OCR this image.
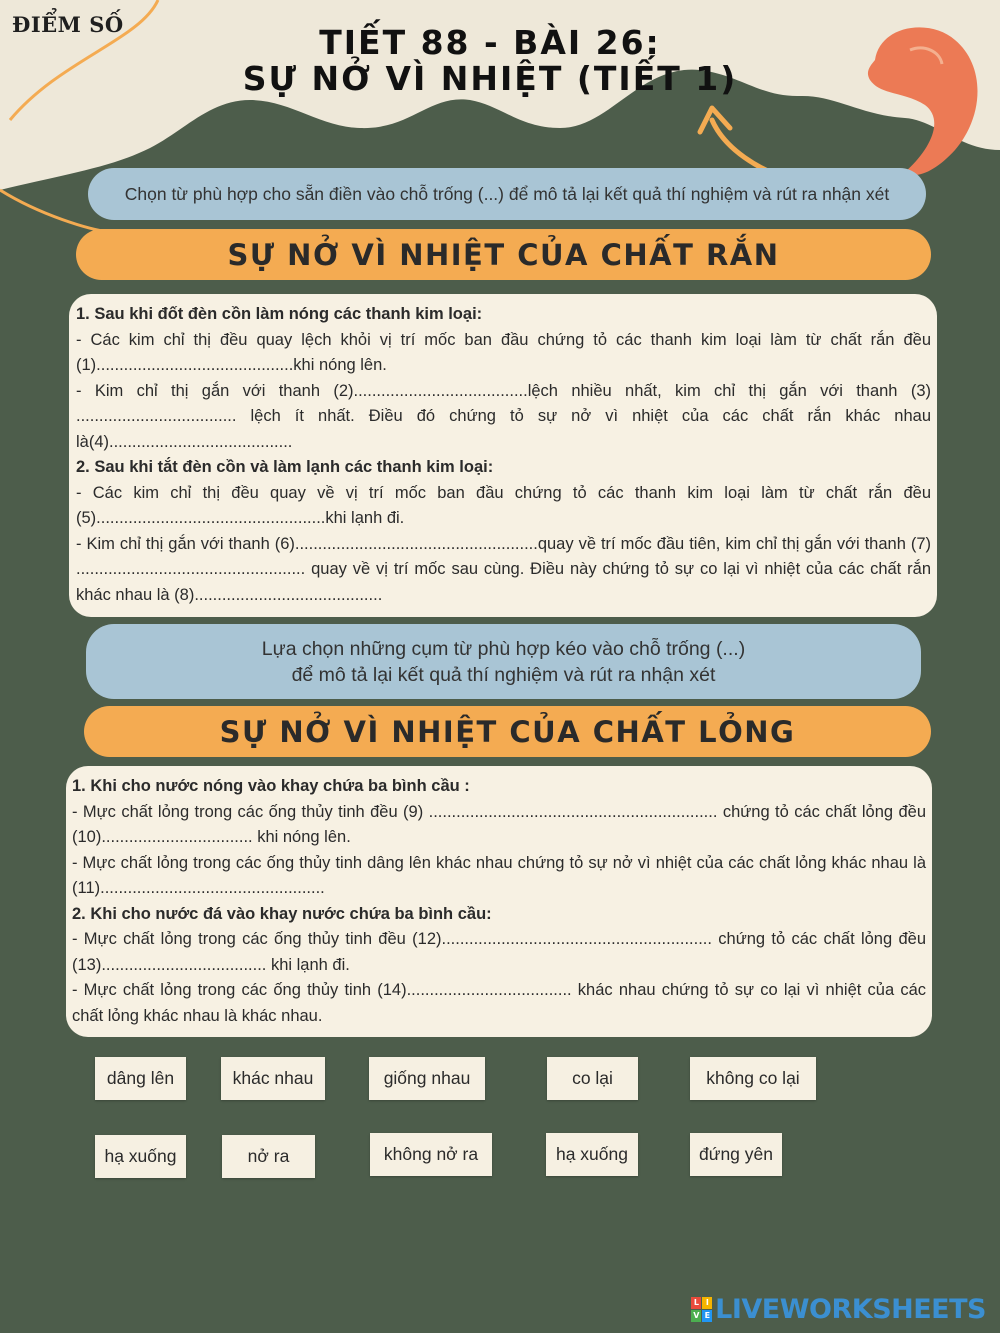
ĐIỂM SỐ	TIẾT 88 - BÀI 26:
SỰ NỞ VÌ NHIỆT (TIẾT 1)
Chọn từ phù hợp cho sẵn điền vào chỗ trống (...) để mô tả lại kết quả thí nghiệm và rút ra nhận xét
SỰ NỞ VÌ NHIỆT CỦA CHẤT RẮN

1. Sau khi đốt đèn cồn làm nóng các thanh kim loại:

- Các kim chỉ thị đều quay lệch khỏi vị trí mốc ban đầu chứng tỏ các thanh kim loại làm từ chất rắn đều (1)...........................................khi nóng lên.

- Kim chỉ thị gắn với thanh (2)......................................lệch nhiều nhất, kim chỉ thị gắn với thanh (3) ................................... lệch ít nhất. Điều đó chứng tỏ sự nở vì nhiệt của các chất rắn khác nhau là(4)........................................

2. Sau khi tắt đèn cồn và làm lạnh các thanh kim loại:

- Các kim chỉ thị đều quay về vị trí mốc ban đầu chứng tỏ các thanh kim loại làm từ chất rắn đều (5)..................................................khi lạnh đi.

- Kim chỉ thị gắn với thanh (6).....................................................quay về trí mốc đầu tiên, kim chỉ thị gắn với thanh (7) .................................................. quay về vị trí mốc sau cùng. Điều này chứng tỏ sự co lại vì nhiệt của các chất rắn khác nhau là (8).........................................

Lựa chọn những cụm từ phù hợp kéo vào chỗ trống (...)
để mô tả lại kết quả thí nghiệm và rút ra nhận xét
SỰ NỞ VÌ NHIỆT CỦA CHẤT LỎNG

1. Khi cho nước nóng vào khay chứa ba bình cầu :

- Mực chất lỏng trong các ống thủy tinh đều (9) ............................................................... chứng tỏ các chất lỏng đều (10)................................. khi nóng lên.

- Mực chất lỏng trong các ống thủy tinh dâng lên khác nhau chứng tỏ sự nở vì nhiệt của các chất lỏng khác nhau là (11).................................................

2. Khi cho nước đá vào khay nước chứa ba bình cầu:

- Mực chất lỏng trong các ống thủy tinh đều (12)........................................................... chứng tỏ các chất lỏng đều (13).................................... khi lạnh đi.

- Mực chất lỏng trong các ống thủy tinh (14).................................... khác nhau chứng tỏ sự co lại vì nhiệt của các chất lỏng khác nhau là khác nhau.

dâng lên	khác nhau	giống nhau	co lại	không co lại
hạ xuống	nở ra	không nở ra	hạ xuống	đứng yên
L I
V E LIVEWORKSHEETS
